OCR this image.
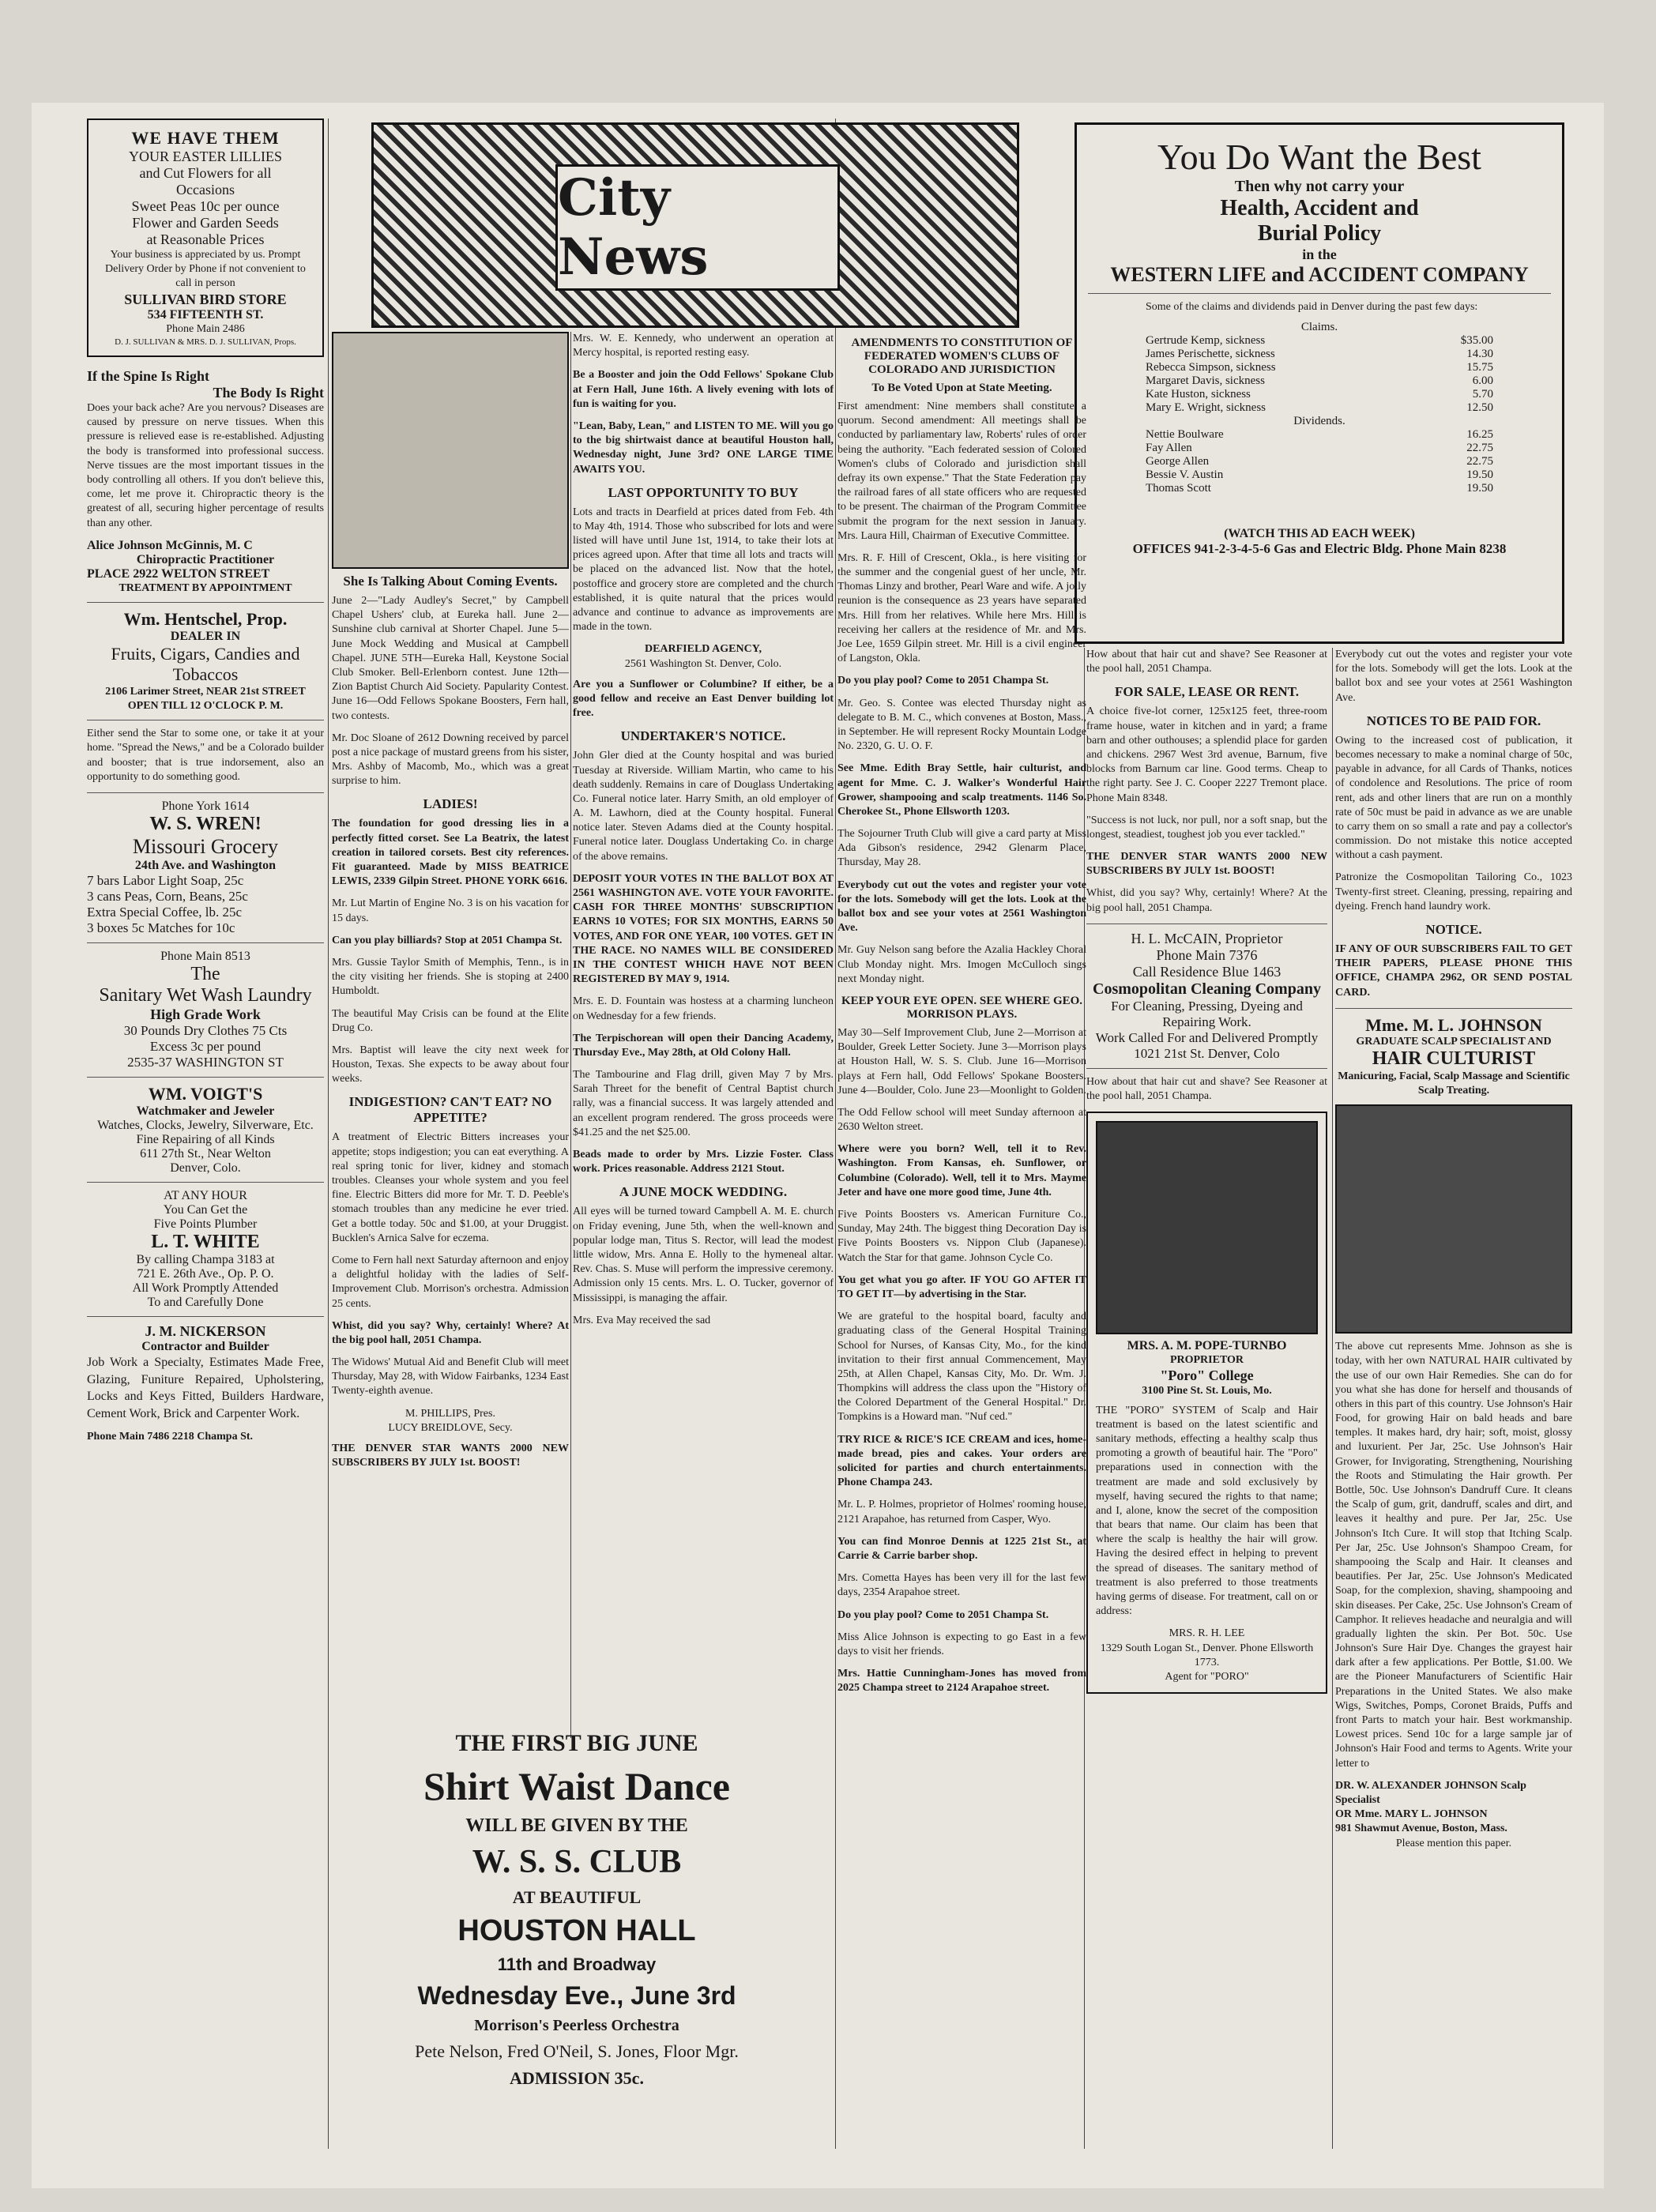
City News
WE HAVE THEM
YOUR EASTER LILLIES
and Cut Flowers for all
Occasions
Sweet Peas 10c per ounce
Flower and Garden Seeds
at Reasonable Prices
Your business is appreciated by us. Prompt Delivery Order by Phone if not convenient to call in person
SULLIVAN BIRD STORE
534 FIFTEENTH ST.
Phone Main 2486
D. J. SULLIVAN & MRS. D. J. SULLIVAN, Props.
If the Spine Is Right
The Body Is Right

Does your back ache? Are you nervous? Diseases are caused by pressure on nerve tissues. When this pressure is relieved ease is re-established. Adjusting the body is transformed into professional success. Nerve tissues are the most important tissues in the body controlling all others. If you don't believe this, come, let me prove it. Chiropractic theory is the greatest of all, securing higher percentage of results than any other.

Alice Johnson McGinnis, M. C
Chiropractic Practitioner
PLACE 2922 WELTON STREET
TREATMENT BY APPOINTMENT
Wm. Hentschel, Prop.
DEALER IN
Fruits, Cigars, Candies and Tobaccos
2106 Larimer Street, NEAR 21st STREET
OPEN TILL 12 O'CLOCK P. M.

Either send the Star to some one, or take it at your home. "Spread the News," and be a Colorado builder and booster; that is true indorsement, also an opportunity to do something good.

Phone York 1614
W. S. WREN!
Missouri Grocery
24th Ave. and Washington
7 bars Labor Light Soap, 25c
3 cans Peas, Corn, Beans, 25c
Extra Special Coffee, lb. 25c
3 boxes 5c Matches for 10c
Phone Main 8513
The
Sanitary Wet Wash Laundry
High Grade Work
30 Pounds Dry Clothes 75 Cts
Excess 3c per pound
2535-37 WASHINGTON ST
WM. VOIGT'S
Watchmaker and Jeweler
Watches, Clocks, Jewelry, Silverware, Etc.
Fine Repairing of all Kinds
611 27th St., Near Welton
Denver, Colo.
AT ANY HOUR
You Can Get the
Five Points Plumber
L. T. WHITE
By calling Champa 3183 at
721 E. 26th Ave., Op. P. O.
All Work Promptly Attended
To and Carefully Done
J. M. NICKERSON
Contractor and Builder

Job Work a Specialty, Estimates Made Free, Glazing, Funiture Repaired, Upholstering, Locks and Keys Fitted, Builders Hardware, Cement Work, Brick and Carpenter Work.

Phone Main 7486 2218 Champa St.
She Is Talking About Coming Events.

June 2—"Lady Audley's Secret," by Campbell Chapel Ushers' club, at Eureka hall. June 2—Sunshine club carnival at Shorter Chapel. June 5—June Mock Wedding and Musical at Campbell Chapel. JUNE 5TH—Eureka Hall, Keystone Social Club Smoker. Bell-Erlenborn contest. June 12th—Zion Baptist Church Aid Society. Papularity Contest. June 16—Odd Fellows Spokane Boosters, Fern hall, two contests.

Mr. Doc Sloane of 2612 Downing received by parcel post a nice package of mustard greens from his sister, Mrs. Ashby of Macomb, Mo., which was a great surprise to him.

LADIES!

The foundation for good dressing lies in a perfectly fitted corset. See La Beatrix, the latest creation in tailored corsets. Best city references. Fit guaranteed. Made by MISS BEATRICE LEWIS, 2339 Gilpin Street. PHONE YORK 6616.

Mr. Lut Martin of Engine No. 3 is on his vacation for 15 days.

Can you play billiards? Stop at 2051 Champa St.

Mrs. Gussie Taylor Smith of Memphis, Tenn., is in the city visiting her friends. She is stoping at 2400 Humboldt.

The beautiful May Crisis can be found at the Elite Drug Co.

Mrs. Baptist will leave the city next week for Houston, Texas. She expects to be away about four weeks.

INDIGESTION? CAN'T EAT? NO APPETITE?

A treatment of Electric Bitters increases your appetite; stops indigestion; you can eat everything. A real spring tonic for liver, kidney and stomach troubles. Cleanses your whole system and you feel fine. Electric Bitters did more for Mr. T. D. Peeble's stomach troubles than any medicine he ever tried. Get a bottle today. 50c and $1.00, at your Druggist. Bucklen's Arnica Salve for eczema.

Come to Fern hall next Saturday afternoon and enjoy a delightful holiday with the ladies of Self-Improvement Club. Morrison's orchestra. Admission 25 cents.

Whist, did you say? Why, certainly! Where? At the big pool hall, 2051 Champa.

The Widows' Mutual Aid and Benefit Club will meet Thursday, May 28, with Widow Fairbanks, 1234 East Twenty-eighth avenue.

M. PHILLIPS, Pres.
LUCY BREIDLOVE, Secy.

THE DENVER STAR WANTS 2000 NEW SUBSCRIBERS BY JULY 1st. BOOST!

Mrs. W. E. Kennedy, who underwent an operation at Mercy hospital, is reported resting easy.

Be a Booster and join the Odd Fellows' Spokane Club at Fern Hall, June 16th. A lively evening with lots of fun is waiting for you.

"Lean, Baby, Lean," and LISTEN TO ME. Will you go to the big shirtwaist dance at beautiful Houston hall, Wednesday night, June 3rd? ONE LARGE TIME AWAITS YOU.

LAST OPPORTUNITY TO BUY

Lots and tracts in Dearfield at prices dated from Feb. 4th to May 4th, 1914. Those who subscribed for lots and were listed will have until June 1st, 1914, to take their lots at prices agreed upon. After that time all lots and tracts will be placed on the advanced list. Now that the hotel, postoffice and grocery store are completed and the church established, it is quite natural that the prices would advance and continue to advance as improvements are made in the town.

DEARFIELD AGENCY,
2561 Washington St. Denver, Colo.

Are you a Sunflower or Columbine? If either, be a good fellow and receive an East Denver building lot free.

UNDERTAKER'S NOTICE.

John Gler died at the County hospital and was buried Tuesday at Riverside. William Martin, who came to his death suddenly. Remains in care of Douglass Undertaking Co. Funeral notice later. Harry Smith, an old employer of A. M. Lawhorn, died at the County hospital. Funeral notice later. Steven Adams died at the County hospital. Funeral notice later. Douglass Undertaking Co. in charge of the above remains.

DEPOSIT YOUR VOTES IN THE BALLOT BOX AT 2561 WASHINGTON AVE. VOTE YOUR FAVORITE. CASH FOR THREE MONTHS' SUBSCRIPTION EARNS 10 VOTES; FOR SIX MONTHS, EARNS 50 VOTES, AND FOR ONE YEAR, 100 VOTES. GET IN THE RACE. NO NAMES WILL BE CONSIDERED IN THE CONTEST WHICH HAVE NOT BEEN REGISTERED BY MAY 9, 1914.

Mrs. E. D. Fountain was hostess at a charming luncheon on Wednesday for a few friends.

The Terpischorean will open their Dancing Academy, Thursday Eve., May 28th, at Old Colony Hall.

The Tambourine and Flag drill, given May 7 by Mrs. Sarah Threet for the benefit of Central Baptist church rally, was a financial success. It was largely attended and an excellent program rendered. The gross proceeds were $41.25 and the net $25.00.

Beads made to order by Mrs. Lizzie Foster. Class work. Prices reasonable. Address 2121 Stout.

A JUNE MOCK WEDDING.

All eyes will be turned toward Campbell A. M. E. church on Friday evening, June 5th, when the well-known and popular lodge man, Titus S. Rector, will lead the modest little widow, Mrs. Anna E. Holly to the hymeneal altar. Rev. Chas. S. Muse will perform the impressive ceremony. Admission only 15 cents. Mrs. L. O. Tucker, governor of Mississippi, is managing the affair.

Mrs. Eva May received the sad

AMENDMENTS TO CONSTITUTION OF FEDERATED WOMEN'S CLUBS OF COLORADO AND JURISDICTION
To Be Voted Upon at State Meeting.

First amendment: Nine members shall constitute a quorum. Second amendment: All meetings shall be conducted by parliamentary law, Roberts' rules of order being the authority. "Each federated session of Colored Women's clubs of Colorado and jurisdiction shall defray its own expense." That the State Federation pay the railroad fares of all state officers who are requested to be present. The chairman of the Program Committee submit the program for the next session in January. Mrs. Laura Hill, Chairman of Executive Committee.

Mrs. R. F. Hill of Crescent, Okla., is here visiting for the summer and the congenial guest of her uncle, Mr. Thomas Linzy and brother, Pearl Ware and wife. A jolly reunion is the consequence as 23 years have separated Mrs. Hill from her relatives. While here Mrs. Hill is receiving her callers at the residence of Mr. and Mrs. Joe Lee, 1659 Gilpin street. Mr. Hill is a civil engineer of Langston, Okla.

Do you play pool? Come to 2051 Champa St.

Mr. Geo. S. Contee was elected Thursday night as delegate to B. M. C., which convenes at Boston, Mass., in September. He will represent Rocky Mountain Lodge No. 2320, G. U. O. F.

See Mme. Edith Bray Settle, hair culturist, and agent for Mme. C. J. Walker's Wonderful Hair Grower, shampooing and scalp treatments. 1146 So. Cherokee St., Phone Ellsworth 1203.

The Sojourner Truth Club will give a card party at Miss Ada Gibson's residence, 2942 Glenarm Place, Thursday, May 28.

Everybody cut out the votes and register your vote for the lots. Somebody will get the lots. Look at the ballot box and see your votes at 2561 Washington Ave.

Mr. Guy Nelson sang before the Azalia Hackley Choral Club Monday night. Mrs. Imogen McCulloch sings next Monday night.

KEEP YOUR EYE OPEN. SEE WHERE GEO. MORRISON PLAYS.

May 30—Self Improvement Club, June 2—Morrison at Boulder, Greek Letter Society. June 3—Morrison plays at Houston Hall, W. S. S. Club. June 16—Morrison plays at Fern hall, Odd Fellows' Spokane Boosters. June 4—Boulder, Colo. June 23—Moonlight to Golden.

The Odd Fellow school will meet Sunday afternoon at 2630 Welton street.

Where were you born? Well, tell it to Rev. Washington. From Kansas, eh. Sunflower, or Columbine (Colorado). Well, tell it to Mrs. Mayme Jeter and have one more good time, June 4th.

Five Points Boosters vs. American Furniture Co., Sunday, May 24th. The biggest thing Decoration Day is Five Points Boosters vs. Nippon Club (Japanese). Watch the Star for that game. Johnson Cycle Co.

You get what you go after. IF YOU GO AFTER IT TO GET IT—by advertising in the Star.

We are grateful to the hospital board, faculty and graduating class of the General Hospital Training School for Nurses, of Kansas City, Mo., for the kind invitation to their first annual Commencement, May 25th, at Allen Chapel, Kansas City, Mo. Dr. Wm. J. Thompkins will address the class upon the "History of the Colored Department of the General Hospital." Dr. Tompkins is a Howard man. "Nuf ced."

TRY RICE & RICE'S ICE CREAM and ices, home-made bread, pies and cakes. Your orders are solicited for parties and church entertainments. Phone Champa 243.

Mr. L. P. Holmes, proprietor of Holmes' rooming house, 2121 Arapahoe, has returned from Casper, Wyo.

You can find Monroe Dennis at 1225 21st St., at Carrie & Carrie barber shop.

Mrs. Cometta Hayes has been very ill for the last few days, 2354 Arapahoe street.

Do you play pool? Come to 2051 Champa St.

Miss Alice Johnson is expecting to go East in a few days to visit her friends.

Mrs. Hattie Cunningham-Jones has moved from 2025 Champa street to 2124 Arapahoe street.

You Do Want the Best
Then why not carry your
Health, Accident and
Burial Policy
in the
WESTERN LIFE and ACCIDENT COMPANY

Some of the claims and dividends paid in Denver during the past few days:

Claims.
Gertrude Kemp, sickness	$35.00
James Perischette, sickness	14.30
Rebecca Simpson, sickness	15.75
Margaret Davis, sickness	6.00
Kate Huston, sickness	5.70
Mary E. Wright, sickness	12.50
Dividends.
Nettie Boulware	16.25
Fay Allen	22.75
George Allen	22.75
Bessie V. Austin	19.50
Thomas Scott	19.50
(WATCH THIS AD EACH WEEK)
OFFICES 941-2-3-4-5-6 Gas and Electric Bldg. Phone Main 8238

How about that hair cut and shave? See Reasoner at the pool hall, 2051 Champa.

FOR SALE, LEASE OR RENT.

A choice five-lot corner, 125x125 feet, three-room frame house, water in kitchen and in yard; a frame barn and other outhouses; a splendid place for garden and chickens. 2967 West 3rd avenue, Barnum, five blocks from Barnum car line. Good terms. Cheap to the right party. See J. C. Cooper 2227 Tremont place. Phone Main 8348.

"Success is not luck, nor pull, nor a soft snap, but the longest, steadiest, toughest job you ever tackled."

THE DENVER STAR WANTS 2000 NEW SUBSCRIBERS BY JULY 1st. BOOST!

Whist, did you say? Why, certainly! Where? At the big pool hall, 2051 Champa.

H. L. McCAIN, Proprietor
Phone Main 7376
Call Residence Blue 1463
Cosmopolitan Cleaning Company
For Cleaning, Pressing, Dyeing and Repairing Work.
Work Called For and Delivered Promptly
1021 21st St. Denver, Colo

How about that hair cut and shave? See Reasoner at the pool hall, 2051 Champa.

MRS. A. M. POPE-TURNBO
PROPRIETOR
"Poro" College
3100 Pine St. St. Louis, Mo.

THE "PORO" SYSTEM of Scalp and Hair treatment is based on the latest scientific and sanitary methods, effecting a healthy scalp thus promoting a growth of beautiful hair. The "Poro" preparations used in connection with the treatment are made and sold exclusively by myself, having secured the rights to that name; and I, alone, know the secret of the composition that bears that name. Our claim has been that where the scalp is healthy the hair will grow. Having the desired effect in helping to prevent the spread of diseases. The sanitary method of treatment is also preferred to those treatments having germs of disease. For treatment, call on or address:

MRS. R. H. LEE
1329 South Logan St., Denver. Phone Ellsworth 1773.
Agent for "PORO"

Everybody cut out the votes and register your vote for the lots. Somebody will get the lots. Look at the ballot box and see your votes at 2561 Washington Ave.

NOTICES TO BE PAID FOR.

Owing to the increased cost of publication, it becomes necessary to make a nominal charge of 50c, payable in advance, for all Cards of Thanks, notices of condolence and Resolutions. The price of room rent, ads and other liners that are run on a monthly rate of 50c must be paid in advance as we are unable to carry them on so small a rate and pay a collector's commission. Do not mistake this notice accepted without a cash payment.

Patronize the Cosmopolitan Tailoring Co., 1023 Twenty-first street. Cleaning, pressing, repairing and dyeing. French hand laundry work.

NOTICE.

IF ANY OF OUR SUBSCRIBERS FAIL TO GET THEIR PAPERS, PLEASE PHONE THIS OFFICE, CHAMPA 2962, OR SEND POSTAL CARD.

Mme. M. L. JOHNSON
GRADUATE SCALP SPECIALIST AND
HAIR CULTURIST
Manicuring, Facial, Scalp Massage and Scientific Scalp Treating.

The above cut represents Mme. Johnson as she is today, with her own NATURAL HAIR cultivated by the use of our own Hair Remedies. She can do for you what she has done for herself and thousands of others in this part of this country. Use Johnson's Hair Food, for growing Hair on bald heads and bare temples. It makes hard, dry hair; soft, moist, glossy and luxurient. Per Jar, 25c. Use Johnson's Hair Grower, for Invigorating, Strengthening, Nourishing the Roots and Stimulating the Hair growth. Per Bottle, 50c. Use Johnson's Dandruff Cure. It cleans the Scalp of gum, grit, dandruff, scales and dirt, and leaves it healthy and pure. Per Jar, 25c. Use Johnson's Itch Cure. It will stop that Itching Scalp. Per Jar, 25c. Use Johnson's Shampoo Cream, for shampooing the Scalp and Hair. It cleanses and beautifies. Per Jar, 25c. Use Johnson's Medicated Soap, for the complexion, shaving, shampooing and skin diseases. Per Cake, 25c. Use Johnson's Cream of Camphor. It relieves headache and neuralgia and will gradually lighten the skin. Per Bot. 50c. Use Johnson's Sure Hair Dye. Changes the grayest hair dark after a few applications. Per Bottle, $1.00. We are the Pioneer Manufacturers of Scientific Hair Preparations in the United States. We also make Wigs, Switches, Pomps, Coronet Braids, Puffs and front Parts to match your hair. Best workmanship. Lowest prices. Send 10c for a large sample jar of Johnson's Hair Food and terms to Agents. Write your letter to

DR. W. ALEXANDER JOHNSON Scalp Specialist
OR Mme. MARY L. JOHNSON
981 Shawmut Avenue, Boston, Mass.
Please mention this paper.
THE FIRST BIG JUNE
Shirt Waist Dance
WILL BE GIVEN BY THE
W. S. S. CLUB
AT BEAUTIFUL
HOUSTON HALL
11th and Broadway
Wednesday Eve., June 3rd
Morrison's Peerless Orchestra
Pete Nelson, Fred O'Neil, S. Jones, Floor Mgr.
ADMISSION 35c.
